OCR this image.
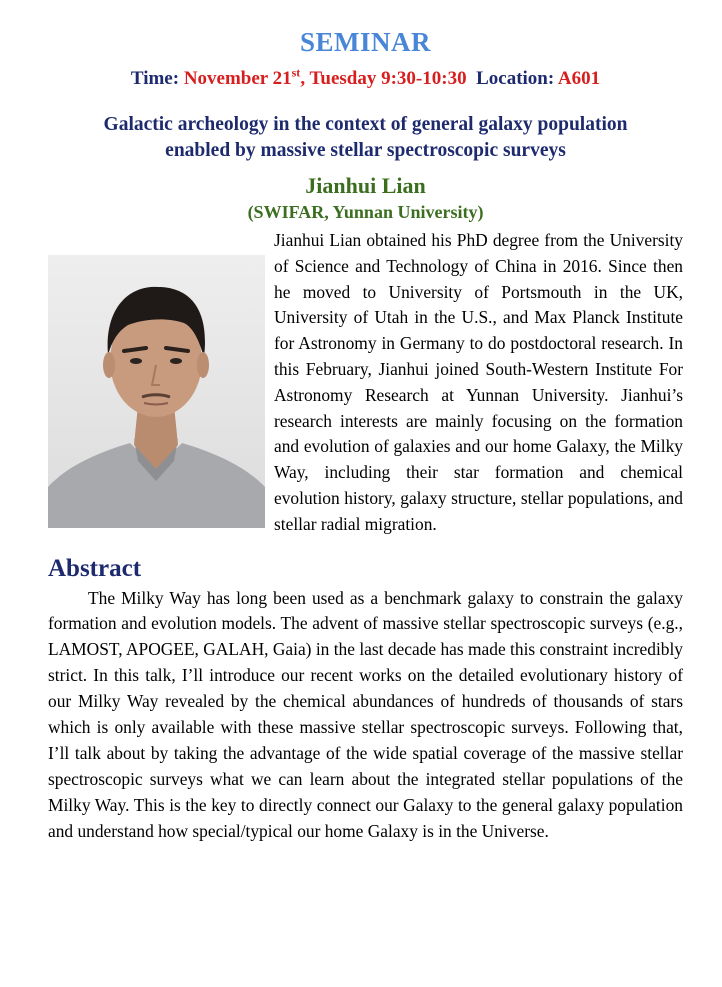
SEMINAR
Time: November 21st, Tuesday 9:30-10:30 Location: A601
Galactic archeology in the context of general galaxy population
enabled by massive stellar spectroscopic surveys
Jianhui Lian
(SWIFAR, Yunnan University)
Jianhui Lian obtained his PhD degree from the University of Science and Technology of China in 2016. Since then he moved to University of Portsmouth in the UK, University of Utah in the U.S., and Max Planck Institute for Astronomy in Germany to do postdoctoral research. In this February, Jianhui joined South-Western Institute For Astronomy Research at Yunnan University. Jianhui’s research interests are mainly focusing on the formation and evolution of galaxies and our home Galaxy, the Milky Way, including their star formation and chemical evolution history, galaxy structure, stellar populations, and stellar radial migration.
Abstract
The Milky Way has long been used as a benchmark galaxy to constrain the galaxy formation and evolution models. The advent of massive stellar spectroscopic surveys (e.g., LAMOST, APOGEE, GALAH, Gaia) in the last decade has made this constraint incredibly strict. In this talk, I’ll introduce our recent works on the detailed evolutionary history of our Milky Way revealed by the chemical abundances of hundreds of thousands of stars which is only available with these massive stellar spectroscopic surveys. Following that, I’ll talk about by taking the advantage of the wide spatial coverage of the massive stellar spectroscopic surveys what we can learn about the integrated stellar populations of the Milky Way. This is the key to directly connect our Galaxy to the general galaxy population and understand how special/typical our home Galaxy is in the Universe.
